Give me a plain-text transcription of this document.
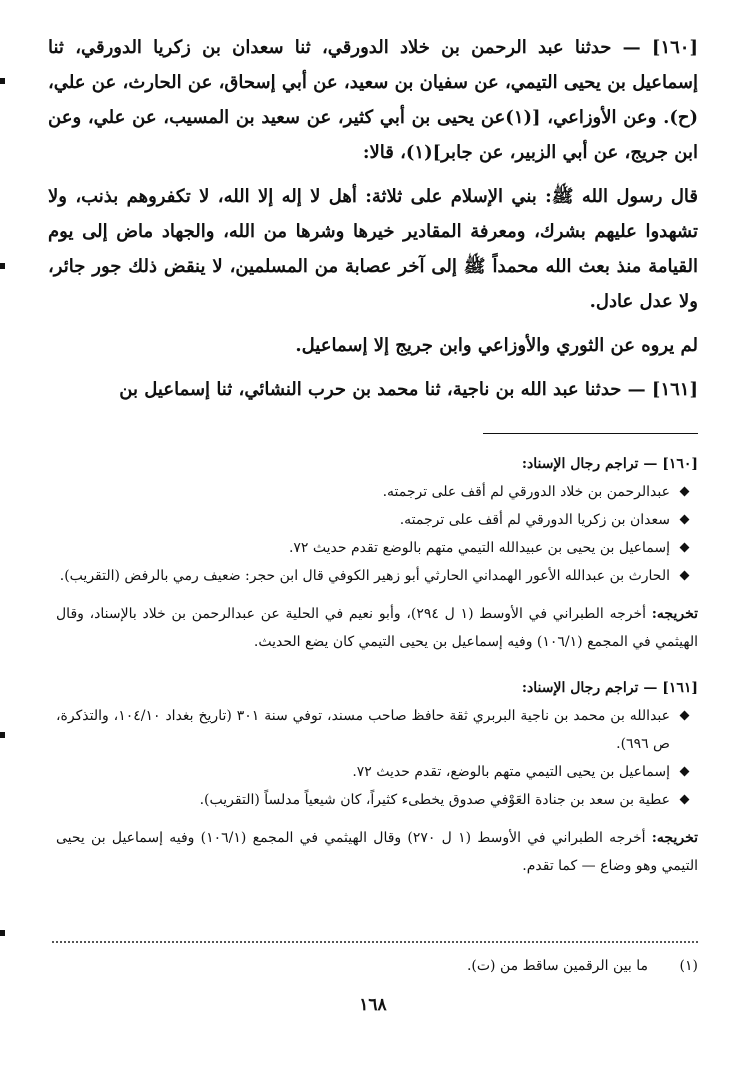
[١٦٠] — حدثنا عبد الرحمن بن خلاد الدورقي، ثنا سعدان بن زكريا الدورقي، ثنا إسماعيل بن يحيى التيمي، عن سفيان بن سعيد، عن أبي إسحاق، عن الحارث، عن علي، (ح). وعن الأوزاعي، [(١)عن يحيى بن أبي كثير، عن سعيد بن المسيب، عن علي، وعن ابن جريج، عن أبي الزبير، عن جابر](١)، قالا:

قال رسول الله ﷺ: بني الإسلام على ثلاثة: أهل لا إله إلا الله، لا تكفروهم بذنب، ولا تشهدوا عليهم بشرك، ومعرفة المقادير خيرها وشرها من الله، والجهاد ماض إلى يوم القيامة منذ بعث الله محمداً ﷺ إلى آخر عصابة من المسلمين، لا ينقض ذلك جور جائر، ولا عدل عادل.

لم يروه عن الثوري والأوزاعي وابن جريج إلا إسماعيل.

[١٦١] — حدثنا عبد الله بن ناجية، ثنا محمد بن حرب النشائي، ثنا إسماعيل بن

[١٦٠] — تراجم رجال الإسناد:

عبدالرحمن بن خلاد الدورقي لم أقف على ترجمته.
سعدان بن زكريا الدورقي لم أقف على ترجمته.
إسماعيل بن يحيى بن عبيدالله التيمي متهم بالوضع تقدم حديث ٧٢.
الحارث بن عبدالله الأعور الهمداني الحارثي أبو زهير الكوفي قال ابن حجر: ضعيف رمي بالرفض (التقريب).

تخريجه: أخرجه الطبراني في الأوسط (١ ل ٢٩٤)، وأبو نعيم في الحلية عن عبدالرحمن بن خلاد بالإسناد، وقال الهيثمي في المجمع (١٠٦/١) وفيه إسماعيل بن يحيى التيمي كان يضع الحديث.

[١٦١] — تراجم رجال الإسناد:

عبدالله بن محمد بن ناجية البربري ثقة حافظ صاحب مسند، توفي سنة ٣٠١ (تاريخ بغداد ١٠٤/١٠، والتذكرة، ص ٦٩٦).
إسماعيل بن يحيى التيمي متهم بالوضع، تقدم حديث ٧٢.
عطية بن سعد بن جنادة العَوْفي صدوق يخطىء كثيراً، كان شيعياً مدلساً (التقريب).

تخريجه: أخرجه الطبراني في الأوسط (١ ل ٢٧٠) وقال الهيثمي في المجمع (١٠٦/١) وفيه إسماعيل بن يحيى التيمي وهو وضاع — كما تقدم.

(١)ما بين الرقمين ساقط من (ت).
١٦٨
